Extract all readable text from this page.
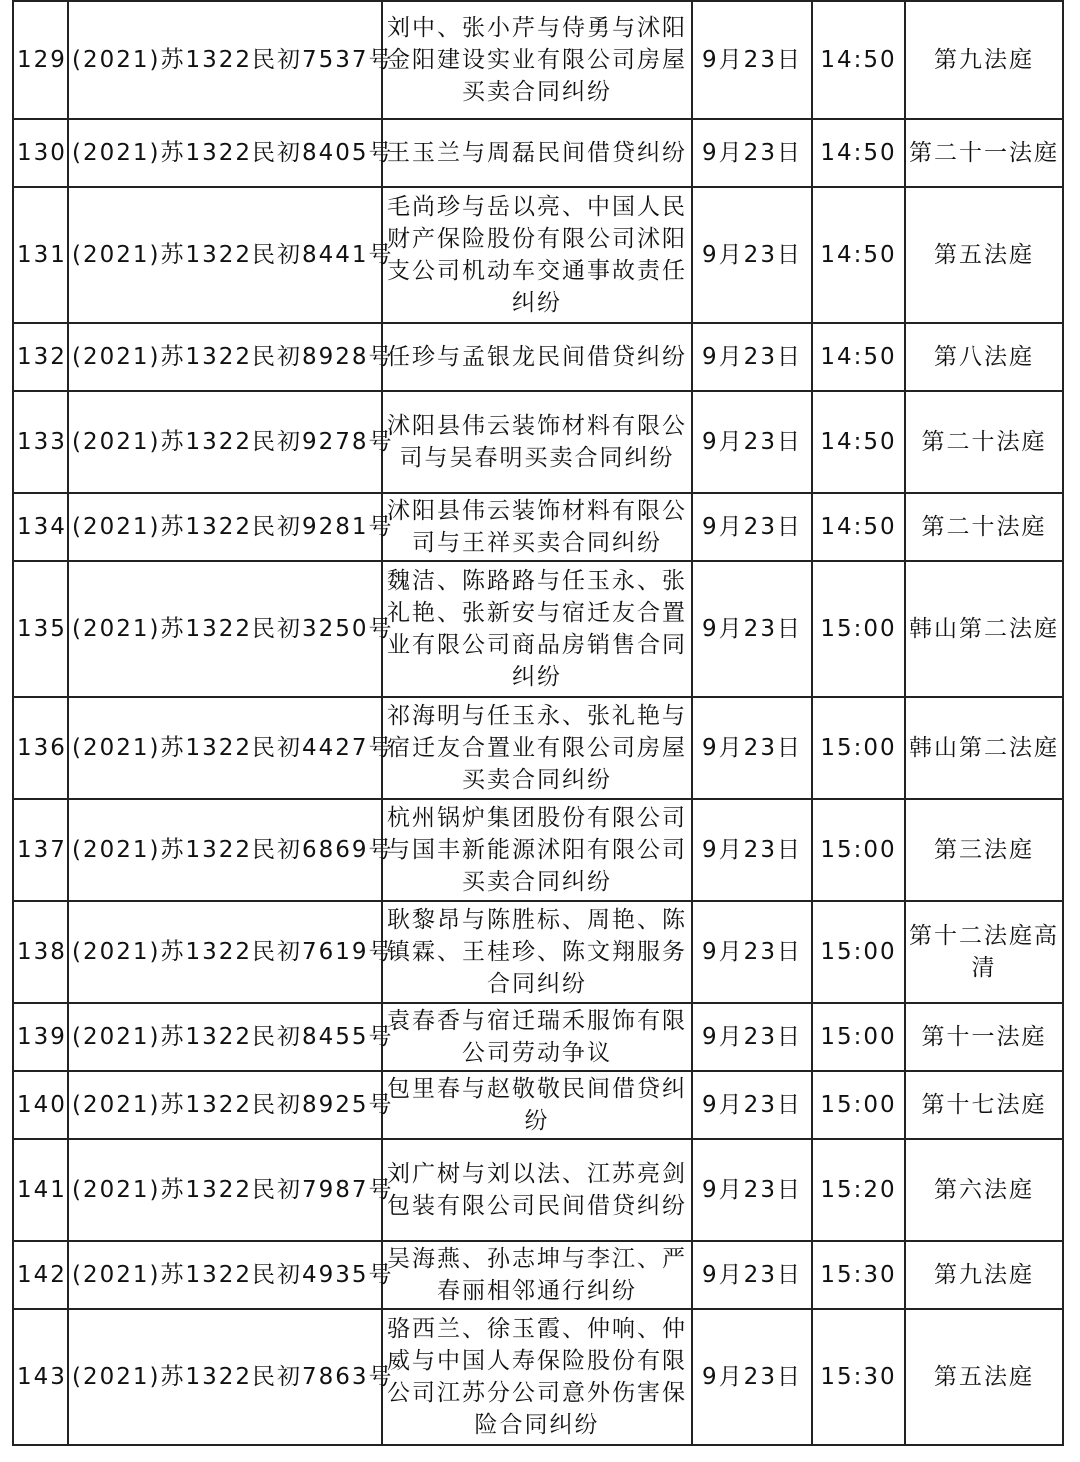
129	(2021)苏1322民初7537号	刘中、张小芹与侍勇与沭阳金阳建设实业有限公司房屋买卖合同纠纷	9月23日	14:50	第九法庭
130	(2021)苏1322民初8405号	王玉兰与周磊民间借贷纠纷	9月23日	14:50	第二十一法庭
131	(2021)苏1322民初8441号	毛尚珍与岳以亮、中国人民财产保险股份有限公司沭阳支公司机动车交通事故责任纠纷	9月23日	14:50	第五法庭
132	(2021)苏1322民初8928号	任珍与孟银龙民间借贷纠纷	9月23日	14:50	第八法庭
133	(2021)苏1322民初9278号	沭阳县伟云装饰材料有限公司与吴春明买卖合同纠纷	9月23日	14:50	第二十法庭
134	(2021)苏1322民初9281号	沭阳县伟云装饰材料有限公司与王祥买卖合同纠纷	9月23日	14:50	第二十法庭
135	(2021)苏1322民初3250号	魏洁、陈路路与任玉永、张礼艳、张新安与宿迁友合置业有限公司商品房销售合同纠纷	9月23日	15:00	韩山第二法庭
136	(2021)苏1322民初4427号	祁海明与任玉永、张礼艳与宿迁友合置业有限公司房屋买卖合同纠纷	9月23日	15:00	韩山第二法庭
137	(2021)苏1322民初6869号	杭州锅炉集团股份有限公司与国丰新能源沭阳有限公司买卖合同纠纷	9月23日	15:00	第三法庭
138	(2021)苏1322民初7619号	耿黎昂与陈胜标、周艳、陈镇霖、王桂珍、陈文翔服务合同纠纷	9月23日	15:00	第十二法庭高清
139	(2021)苏1322民初8455号	袁春香与宿迁瑞禾服饰有限公司劳动争议	9月23日	15:00	第十一法庭
140	(2021)苏1322民初8925号	包里春与赵敬敬民间借贷纠纷	9月23日	15:00	第十七法庭
141	(2021)苏1322民初7987号	刘广树与刘以法、江苏亮剑包装有限公司民间借贷纠纷	9月23日	15:20	第六法庭
142	(2021)苏1322民初4935号	吴海燕、孙志坤与李江、严春丽相邻通行纠纷	9月23日	15:30	第九法庭
143	(2021)苏1322民初7863号	骆西兰、徐玉霞、仲响、仲威与中国人寿保险股份有限公司江苏分公司意外伤害保险合同纠纷	9月23日	15:30	第五法庭
